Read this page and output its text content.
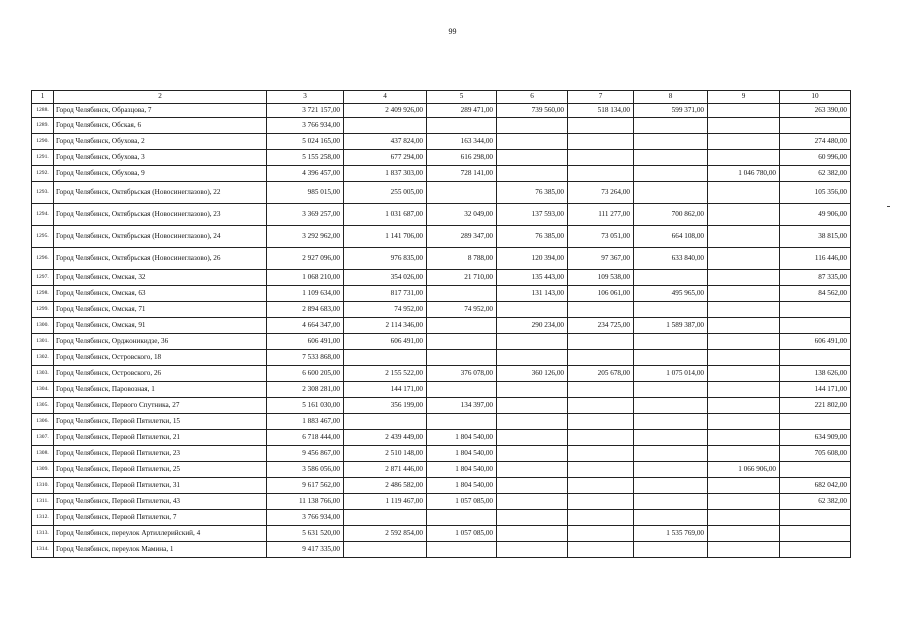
99
1	2	3	4	5	6	7	8	9	10
1288.	Город Челябинск, Образцова, 7	3 721 157,00	2 409 926,00	289 471,00	739 560,00	518 134,00	599 371,00		263 390,00
1289.	Город Челябинск, Обская, 6	3 766 934,00							
1290.	Город Челябинск, Обухова, 2	5 024 165,00	437 824,00	163 344,00					274 480,00
1291.	Город Челябинск, Обухова, 3	5 155 258,00	677 294,00	616 298,00					60 996,00
1292.	Город Челябинск, Обухова, 9	4 396 457,00	1 837 303,00	728 141,00				1 046 780,00	62 382,00
1293.	Город Челябинск, Октябрьская (Новосинеглазово), 22	985 015,00	255 005,00		76 385,00	73 264,00			105 356,00
1294.	Город Челябинск, Октябрьская (Новосинеглазово), 23	3 369 257,00	1 031 687,00	32 049,00	137 593,00	111 277,00	700 862,00		49 906,00
1295.	Город Челябинск, Октябрьская (Новосинеглазово), 24	3 292 962,00	1 141 706,00	289 347,00	76 385,00	73 051,00	664 108,00		38 815,00
1296.	Город Челябинск, Октябрьская (Новосинеглазово), 26	2 927 096,00	976 835,00	8 788,00	120 394,00	97 367,00	633 840,00		116 446,00
1297.	Город Челябинск, Омская, 32	1 068 210,00	354 026,00	21 710,00	135 443,00	109 538,00			87 335,00
1298.	Город Челябинск, Омская, 63	1 109 634,00	817 731,00		131 143,00	106 061,00	495 965,00		84 562,00
1299.	Город Челябинск, Омская, 71	2 894 683,00	74 952,00	74 952,00					
1300.	Город Челябинск, Омская, 91	4 664 347,00	2 114 346,00		290 234,00	234 725,00	1 589 387,00		
1301.	Город Челябинск, Орджоникидзе, 36	606 491,00	606 491,00						606 491,00
1302.	Город Челябинск, Островского, 18	7 533 868,00							
1303.	Город Челябинск, Островского, 26	6 600 205,00	2 155 522,00	376 078,00	360 126,00	205 678,00	1 075 014,00		138 626,00
1304.	Город Челябинск, Паровозная, 1	2 308 281,00	144 171,00						144 171,00
1305.	Город Челябинск, Первого Спутника, 27	5 161 030,00	356 199,00	134 397,00					221 802,00
1306.	Город Челябинск, Первой Пятилетки, 15	1 883 467,00							
1307.	Город Челябинск, Первой Пятилетки, 21	6 718 444,00	2 439 449,00	1 804 540,00					634 909,00
1308.	Город Челябинск, Первой Пятилетки, 23	9 456 867,00	2 510 148,00	1 804 540,00					705 608,00
1309.	Город Челябинск, Первой Пятилетки, 25	3 586 056,00	2 871 446,00	1 804 540,00				1 066 906,00	
1310.	Город Челябинск, Первой Пятилетки, 31	9 617 562,00	2 486 582,00	1 804 540,00					682 042,00
1311.	Город Челябинск, Первой Пятилетки, 43	11 138 766,00	1 119 467,00	1 057 085,00					62 382,00
1312.	Город Челябинск, Первой Пятилетки, 7	3 766 934,00							
1313.	Город Челябинск, переулок Артиллерийский, 4	5 631 520,00	2 592 854,00	1 057 085,00			1 535 769,00		
1314.	Город Челябинск, переулок Мамина, 1	9 417 335,00							
